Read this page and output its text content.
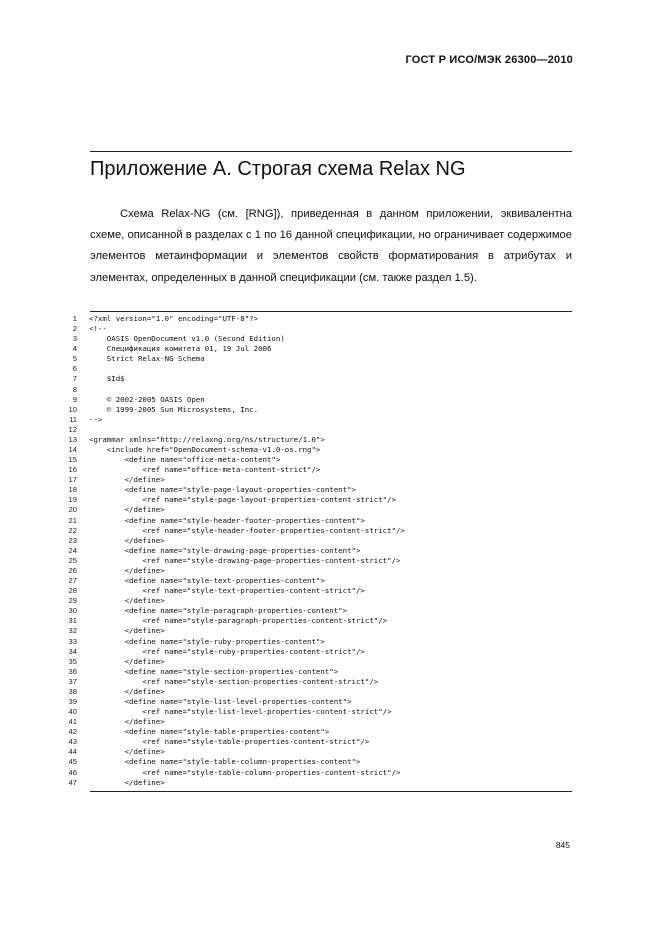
ГОСТ Р ИСО/МЭК 26300—2010
Приложение А. Строгая схема Relax NG

Схема Relax-NG (см. [RNG]), приведенная в данном приложении, эквивалентна схеме, описанной в разделах с 1 по 16 данной спецификации, но ограничивает содержимое элементов метаинформации и элементов свойств форматирования в атрибутах и элементах, определенных в данной спецификации (см. также раздел 1.5).

1	<?xml version="1.0" encoding="UTF-8"?>
2	<!--
3	OASIS OpenDocument v1.0 (Second Edition)
4	Спецификация комитета 01, 19 Jul 2006
5	Strict Relax-NG Schema
6
7	$Id$
8
9	© 2002-2005 OASIS Open
10	© 1999-2005 Sun Microsystems, Inc.
11	-->
12
13	<grammar xmlns="http://relaxng.org/ns/structure/1.0">
14	<include href="OpenDocument-schema-v1.0-os.rng">
15	<define name="office-meta-content">
16	<ref name="office-meta-content-strict"/>
17	</define>
18	<define name="style-page-layout-properties-content">
19	<ref name="style-page-layout-properties-content-strict"/>
20	</define>
21	<define name="style-header-footer-properties-content">
22	<ref name="style-header-footer-properties-content-strict"/>
23	</define>
24	<define name="style-drawing-page-properties-content">
25	<ref name="style-drawing-page-properties-content-strict"/>
26	</define>
27	<define name="style-text-properties-content">
28	<ref name="style-text-properties-content-strict"/>
29	</define>
30	<define name="style-paragraph-properties-content">
31	<ref name="style-paragraph-properties-content-strict"/>
32	</define>
33	<define name="style-ruby-properties-content">
34	<ref name="style-ruby-properties-content-strict"/>
35	</define>
36	<define name="style-section-properties-content">
37	<ref name="style-section-properties-content-strict"/>
38	</define>
39	<define name="style-list-level-properties-content">
40	<ref name="style-list-level-properties-content-strict"/>
41	</define>
42	<define name="style-table-properties-content">
43	<ref name="style-table-properties-content-strict"/>
44	</define>
45	<define name="style-table-column-properties-content">
46	<ref name="style-table-column-properties-content-strict"/>
47	</define>
845
